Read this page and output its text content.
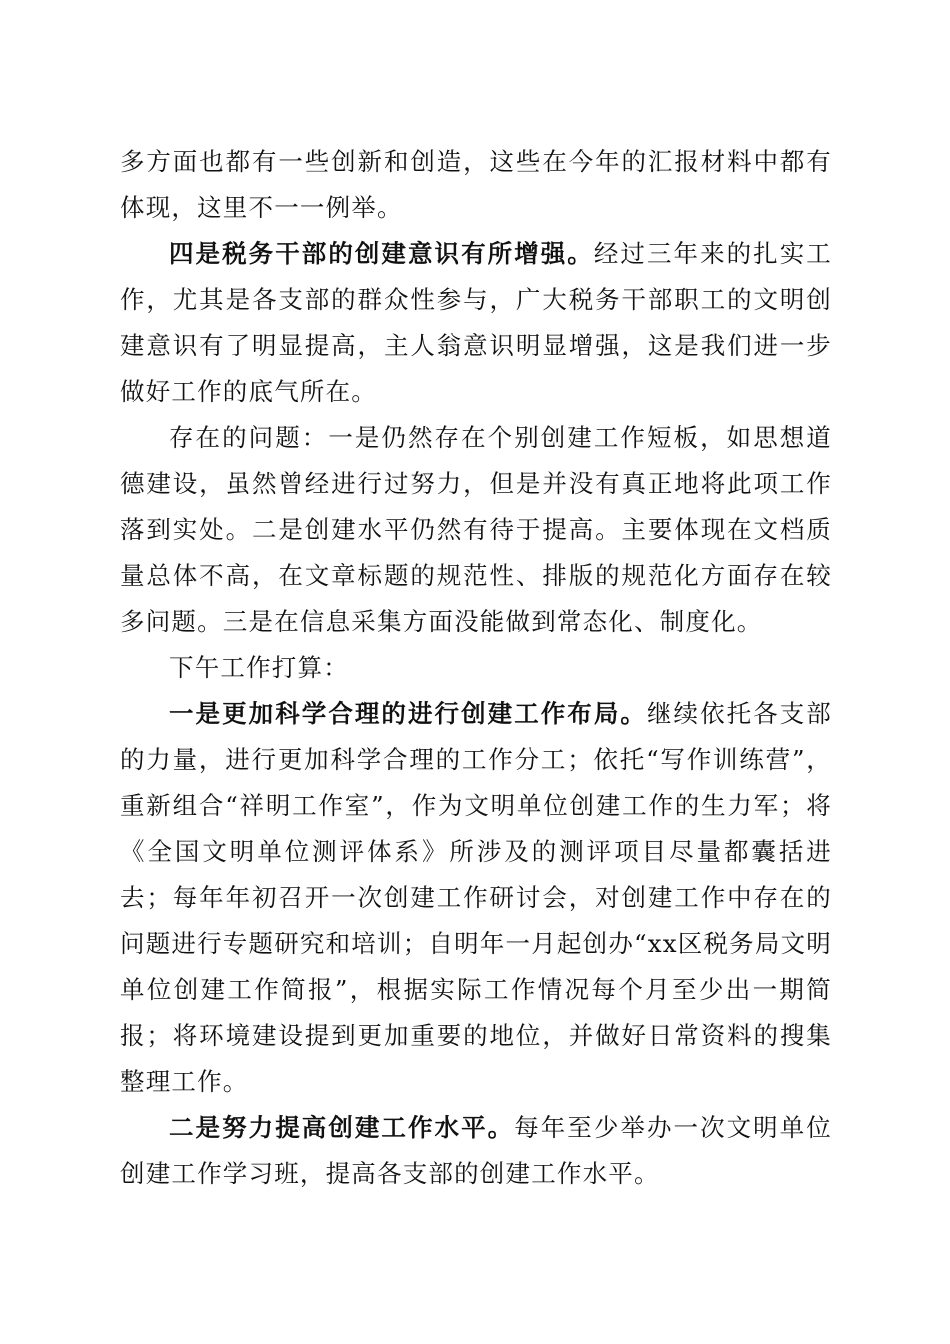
多方面也都有一些创新和创造，这些在今年的汇报材料中都有体现，这里不一一例举。

四是税务干部的创建意识有所增强。经过三年来的扎实工作，尤其是各支部的群众性参与，广大税务干部职工的文明创建意识有了明显提高，主人翁意识明显增强，这是我们进一步做好工作的底气所在。

存在的问题：一是仍然存在个别创建工作短板，如思想道德建设，虽然曾经进行过努力，但是并没有真正地将此项工作落到实处。二是创建水平仍然有待于提高。主要体现在文档质量总体不高，在文章标题的规范性、排版的规范化方面存在较多问题。三是在信息采集方面没能做到常态化、制度化。

下午工作打算：

一是更加科学合理的进行创建工作布局。继续依托各支部的力量，进行更加科学合理的工作分工；依托“写作训练营”，重新组合“祥明工作室”，作为文明单位创建工作的生力军；将《全国文明单位测评体系》所涉及的测评项目尽量都囊括进去；每年年初召开一次创建工作研讨会，对创建工作中存在的问题进行专题研究和培训；自明年一月起创办“xx区税务局文明单位创建工作简报”，根据实际工作情况每个月至少出一期简报；将环境建设提到更加重要的地位，并做好日常资料的搜集整理工作。

二是努力提高创建工作水平。每年至少举办一次文明单位创建工作学习班，提高各支部的创建工作水平。
